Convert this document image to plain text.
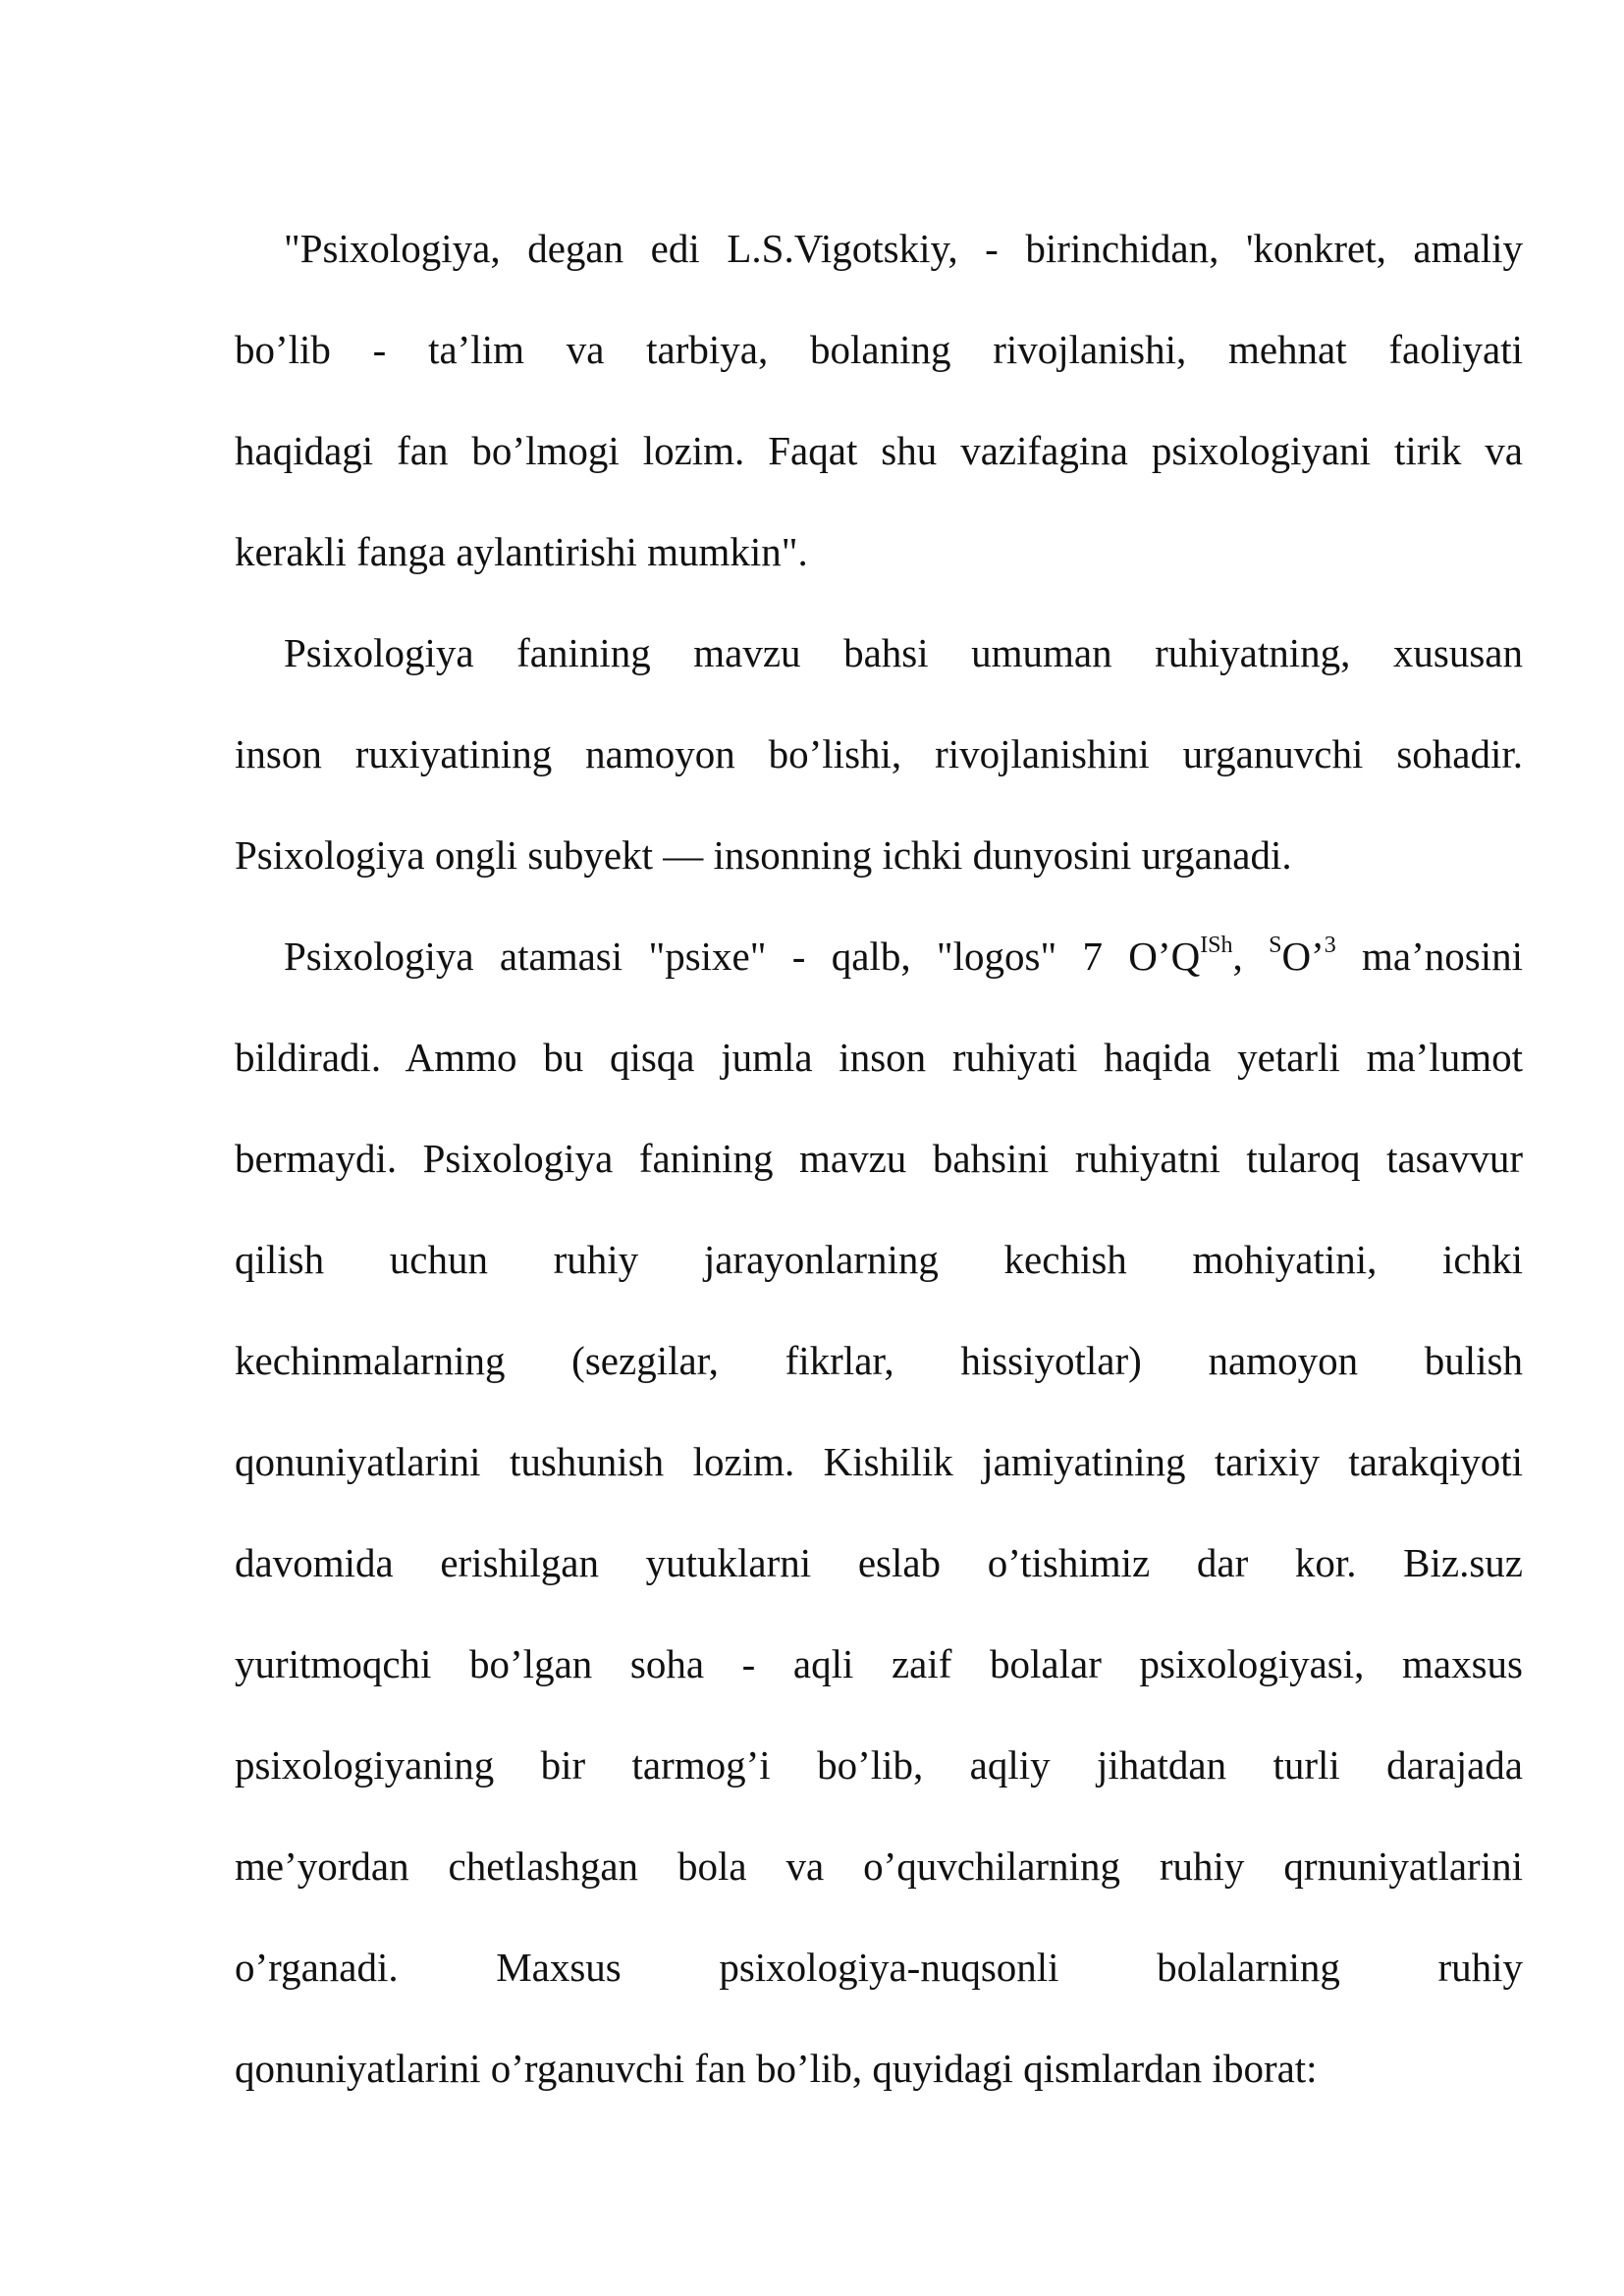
"Psixologiya, degan edi L.S.Vigotskiy, - birinchidan, 'konkret, amaliy
bo’lib - ta’lim va tarbiya, bolaning rivojlanishi, mehnat faoliyati
haqidagi fan bo’lmogi lozim. Faqat shu vazifagina psixologiyani tirik va
kerakli fanga aylantirishi mumkin".

Psixologiya fanining mavzu bahsi umuman ruhiyatning, xususan
inson ruxiyatining namoyon bo’lishi, rivojlanishini urganuvchi sohadir.
Psixologiya ongli subyekt — insonning ichki dunyosini urganadi.

Psixologiya atamasi "psixe" - qalb, "logos" 7 $O’Q^{ISh}$, $^S$O’$^3$ ma’nosini
bildiradi. Ammo bu qisqa jumla inson ruhiyati haqida yetarli ma’lumot
bermaydi. Psixologiya fanining mavzu bahsini ruhiyatni tularoq tasavvur
qilish uchun ruhiy jarayonlarning kechish mohiyatini, ichki
kechinmalarning (sezgilar, fikrlar, hissiyotlar) namoyon bulish
qonuniyatlarini tushunish lozim. Kishilik jamiyatining tarixiy tarakqiyoti
davomida erishilgan yutuklarni eslab o’tishimiz dar kor. Biz.suz
yuritmoqchi bo’lgan soha - aqli zaif bolalar psixologiyasi, maxsus
psixologiyaning bir tarmog’i bo’lib, aqliy jihatdan turli darajada
me’yordan chetlashgan bola va o’quvchilarning ruhiy qrnuniyatlarini
o’rganadi. Maxsus psixologiya-nuqsonli bolalarning ruhiy
qonuniyatlarini o’rganuvchi fan bo’lib, quyidagi qismlardan iborat:
